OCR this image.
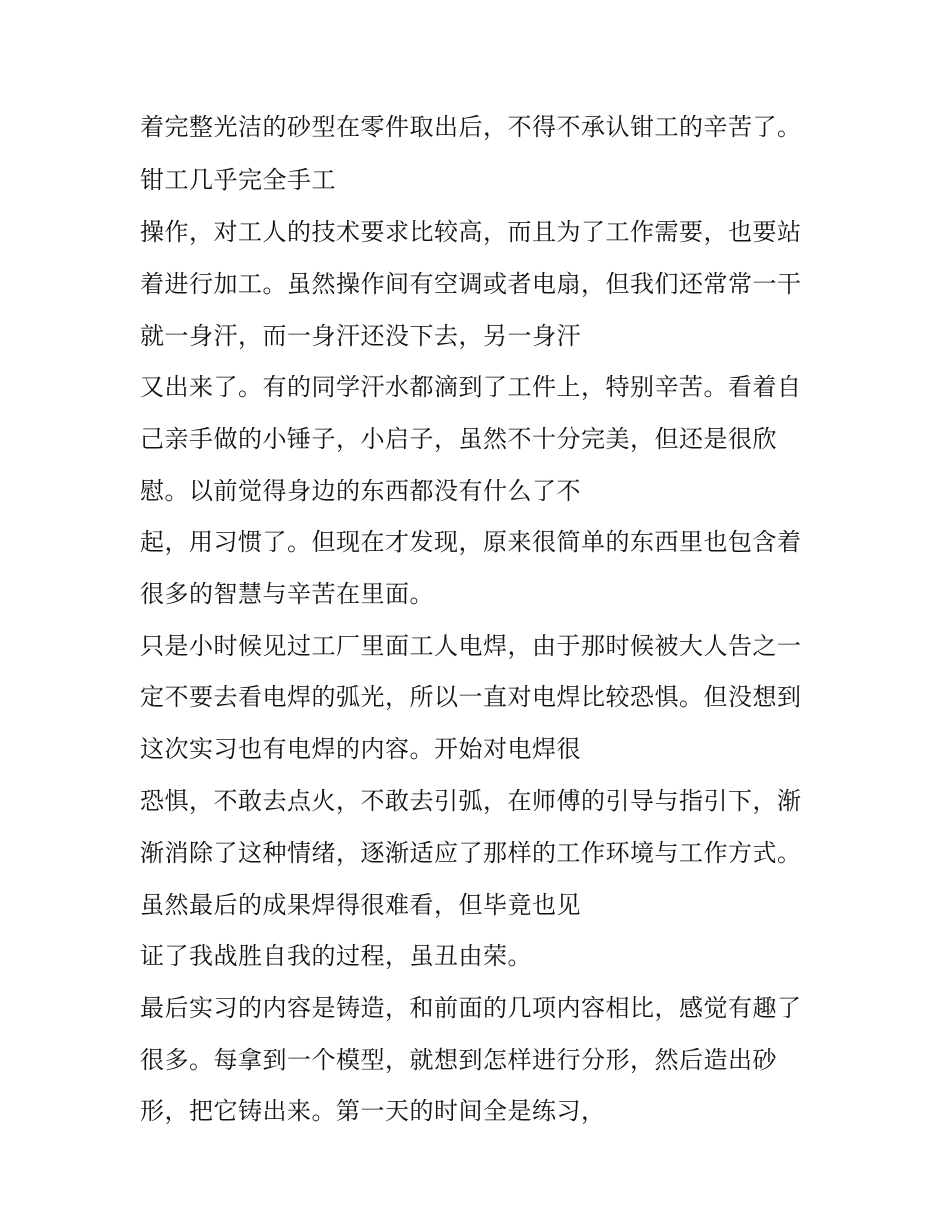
着完整光洁的砂型在零件取出后，不得不承认钳工的辛苦了。
钳工几乎完全手工
操作，对工人的技术要求比较高，而且为了工作需要，也要站
着进行加工。虽然操作间有空调或者电扇，但我们还常常一干
就一身汗，而一身汗还没下去，另一身汗
又出来了。有的同学汗水都滴到了工件上，特别辛苦。看着自
己亲手做的小锤子，小启子，虽然不十分完美，但还是很欣
慰。以前觉得身边的东西都没有什么了不
起，用习惯了。但现在才发现，原来很简单的东西里也包含着
很多的智慧与辛苦在里面。
只是小时候见过工厂里面工人电焊，由于那时候被大人告之一
定不要去看电焊的弧光，所以一直对电焊比较恐惧。但没想到
这次实习也有电焊的内容。开始对电焊很
恐惧，不敢去点火，不敢去引弧，在师傅的引导与指引下，渐
渐消除了这种情绪，逐渐适应了那样的工作环境与工作方式。
虽然最后的成果焊得很难看，但毕竟也见
证了我战胜自我的过程，虽丑由荣。
最后实习的内容是铸造，和前面的几项内容相比，感觉有趣了
很多。每拿到一个模型，就想到怎样进行分形，然后造出砂
形，把它铸出来。第一天的时间全是练习，
